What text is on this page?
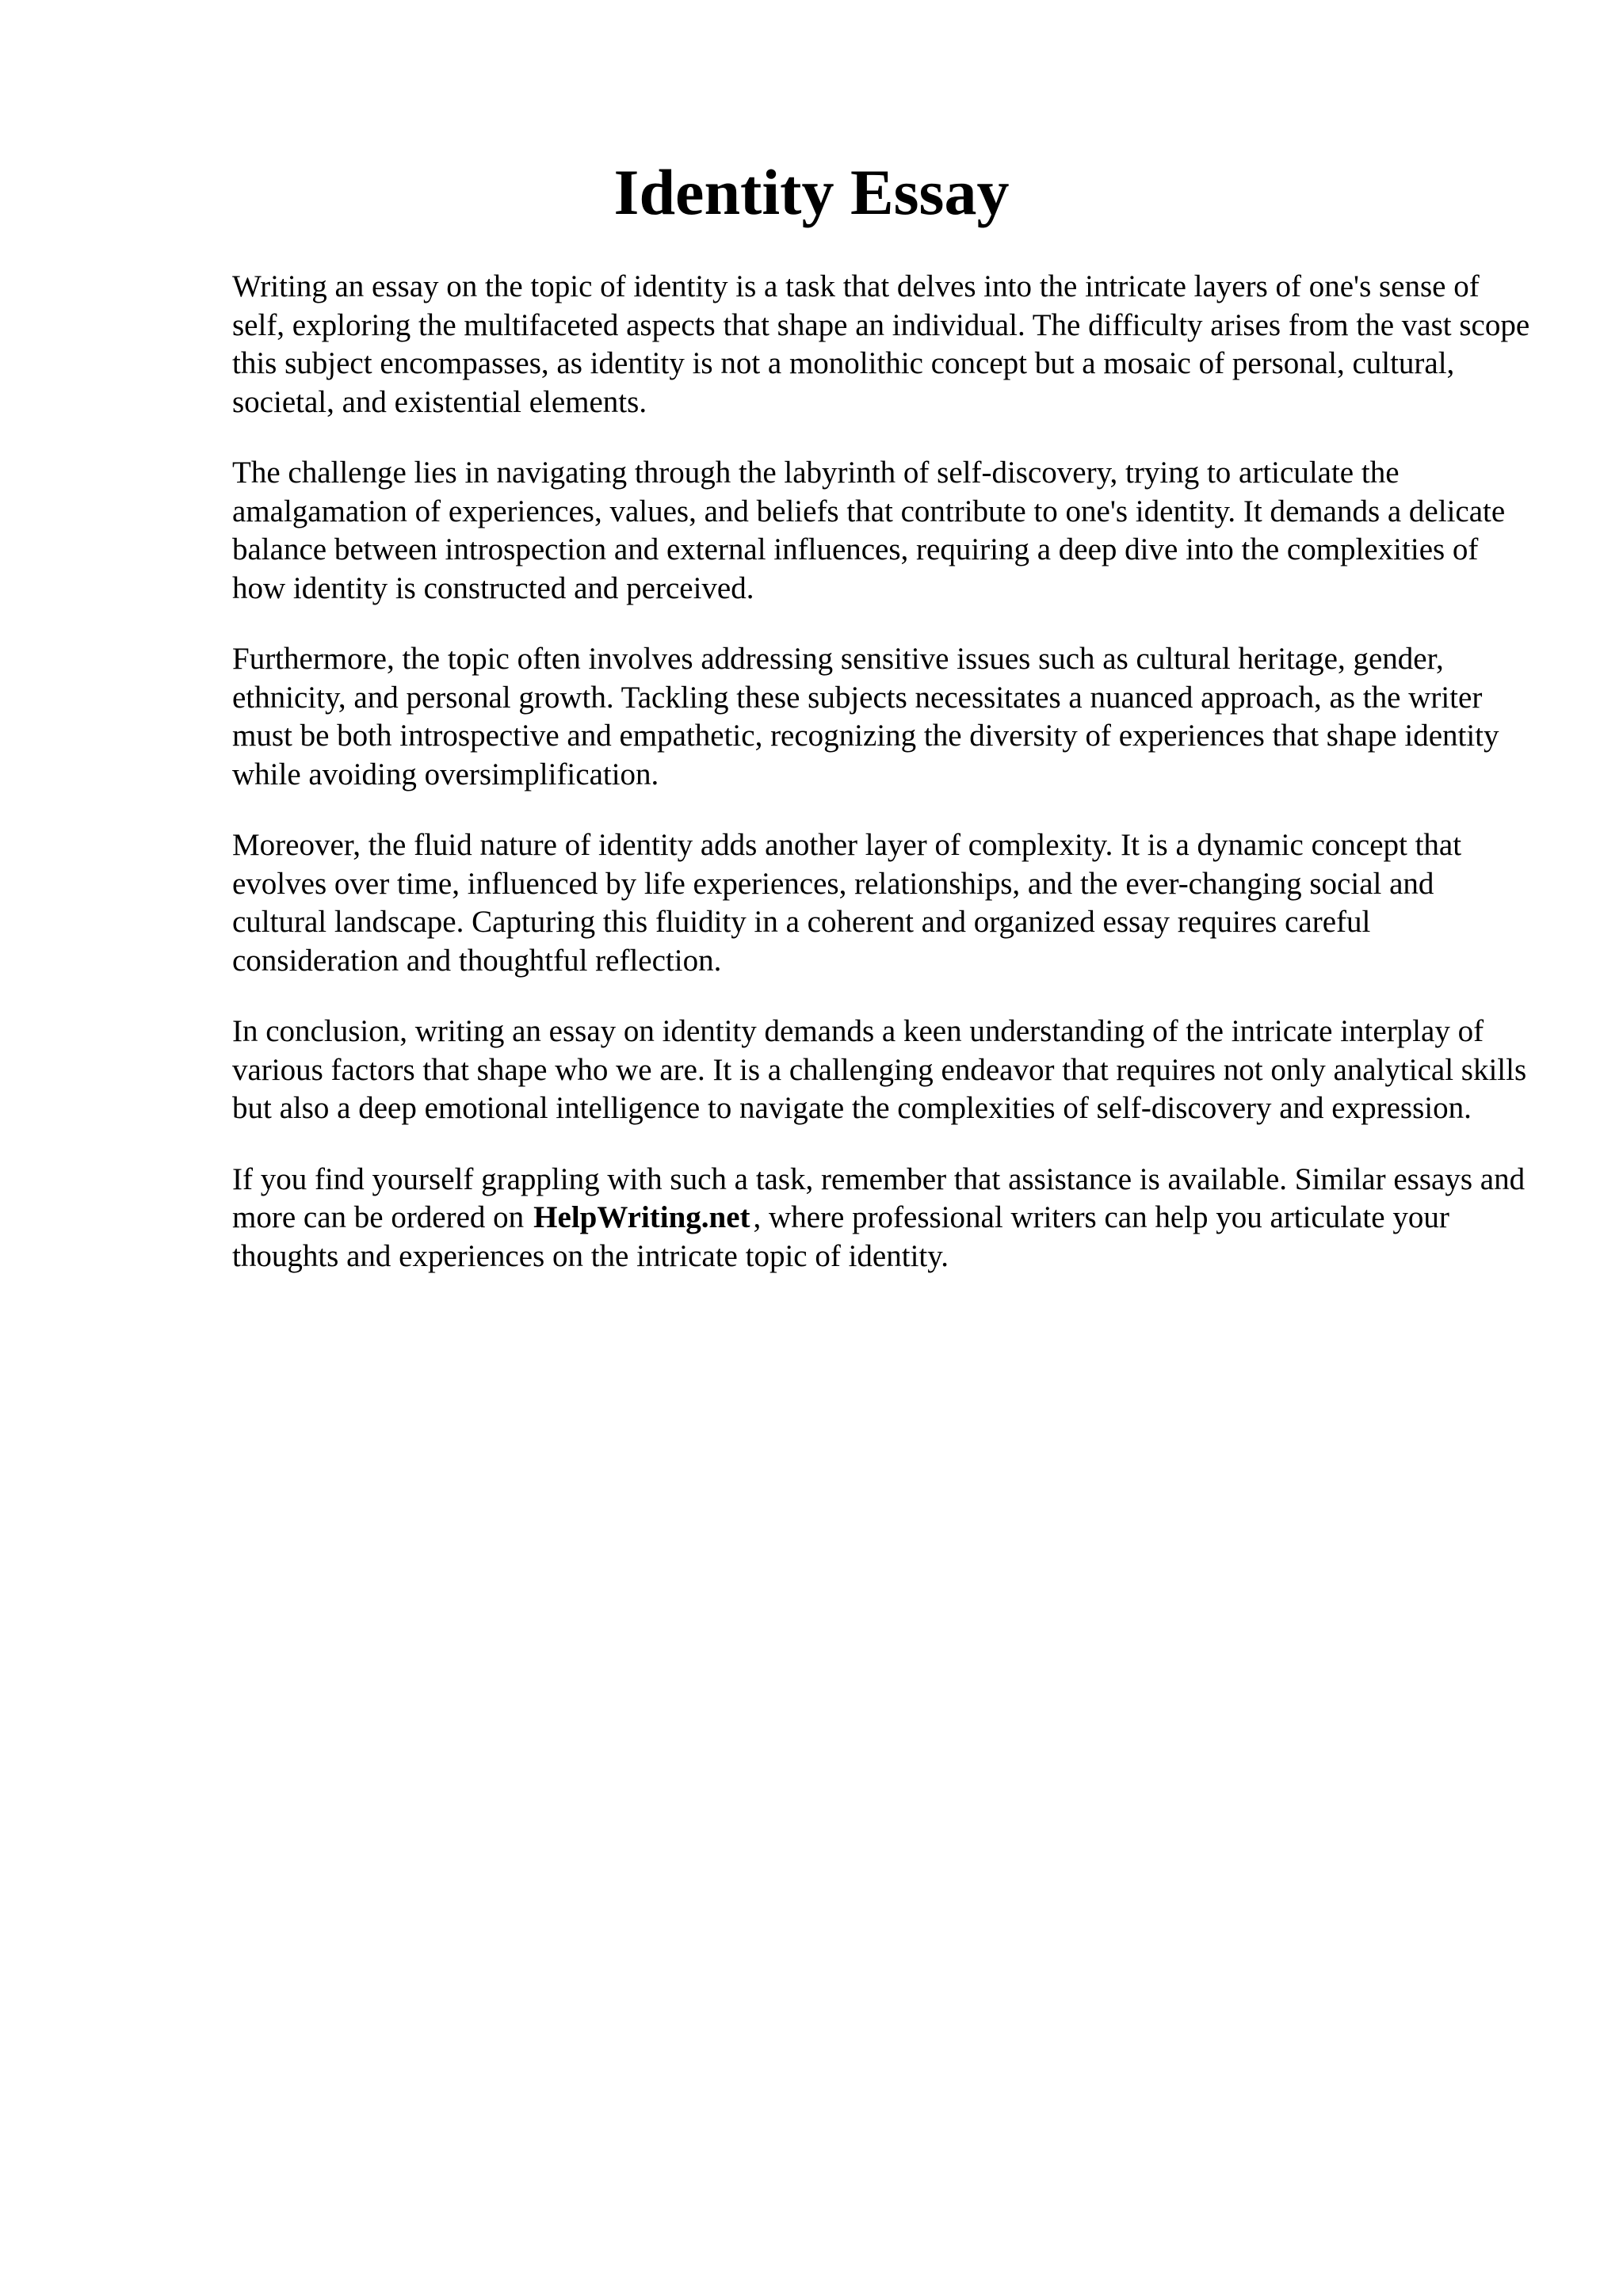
Identity Essay

Writing an essay on the topic of identity is a task that delves into the intricate layers of one's sense of self, exploring the multifaceted aspects that shape an individual. The difficulty arises from the vast scope this subject encompasses, as identity is not a monolithic concept but a mosaic of personal, cultural, societal, and existential elements.

The challenge lies in navigating through the labyrinth of self-discovery, trying to articulate the amalgamation of experiences, values, and beliefs that contribute to one's identity. It demands a delicate balance between introspection and external influences, requiring a deep dive into the complexities of how identity is constructed and perceived.

Furthermore, the topic often involves addressing sensitive issues such as cultural heritage, gender, ethnicity, and personal growth. Tackling these subjects necessitates a nuanced approach, as the writer must be both introspective and empathetic, recognizing the diversity of experiences that shape identity while avoiding oversimplification.

Moreover, the fluid nature of identity adds another layer of complexity. It is a dynamic concept that evolves over time, influenced by life experiences, relationships, and the ever-changing social and cultural landscape. Capturing this fluidity in a coherent and organized essay requires careful consideration and thoughtful reflection.

In conclusion, writing an essay on identity demands a keen understanding of the intricate interplay of various factors that shape who we are. It is a challenging endeavor that requires not only analytical skills but also a deep emotional intelligence to navigate the complexities of self-discovery and expression.

If you find yourself grappling with such a task, remember that assistance is available. Similar essays and more can be ordered on HelpWriting.net , where professional writers can help you articulate your thoughts and experiences on the intricate topic of identity.
